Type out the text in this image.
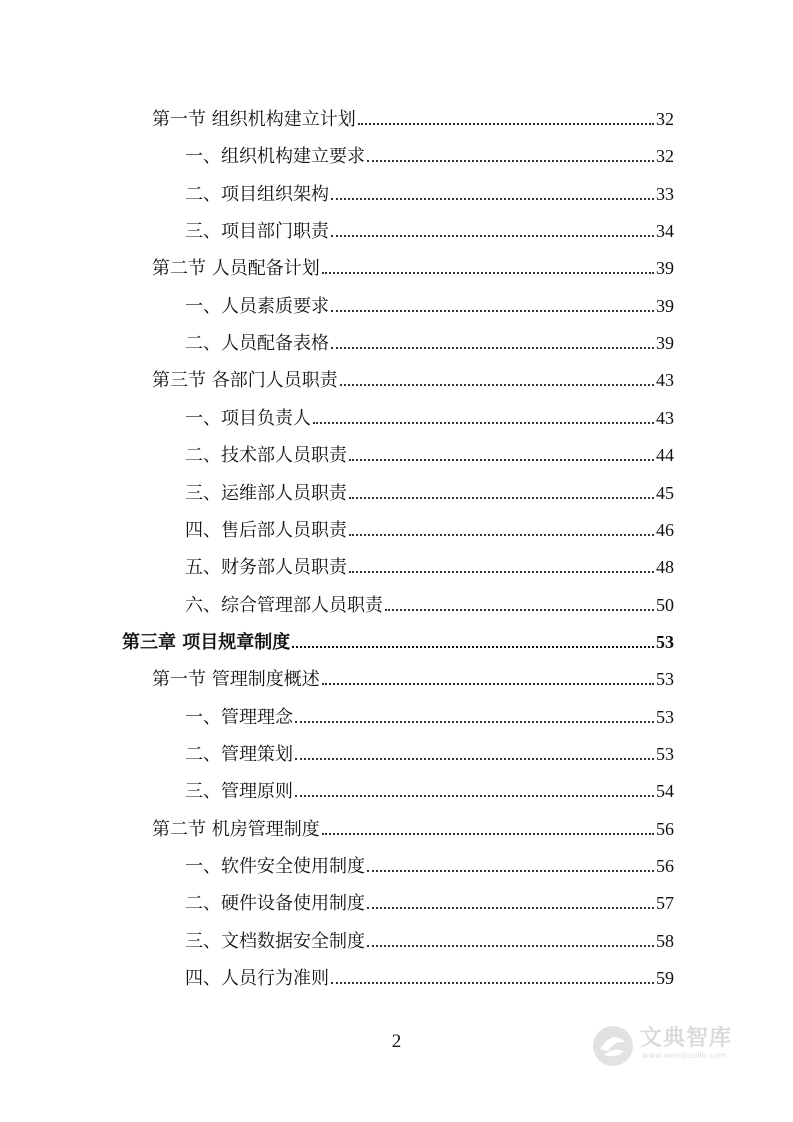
第一节 组织机构建立计划	32
一、组织机构建立要求	32
二、项目组织架构	33
三、项目部门职责	34
第二节 人员配备计划	39
一、人员素质要求	39
二、人员配备表格	39
第三节 各部门人员职责	43
一、项目负责人	43
二、技术部人员职责	44
三、运维部人员职责	45
四、售后部人员职责	46
五、财务部人员职责	48
六、综合管理部人员职责	50
第三章 项目规章制度	53
第一节 管理制度概述	53
一、管理理念	53
二、管理策划	53
三、管理原则	54
第二节 机房管理制度	56
一、软件安全使用制度	56
二、硬件设备使用制度	57
三、文档数据安全制度	58
四、人员行为准则	59
2	文典智库
www.wendiuolib.com
